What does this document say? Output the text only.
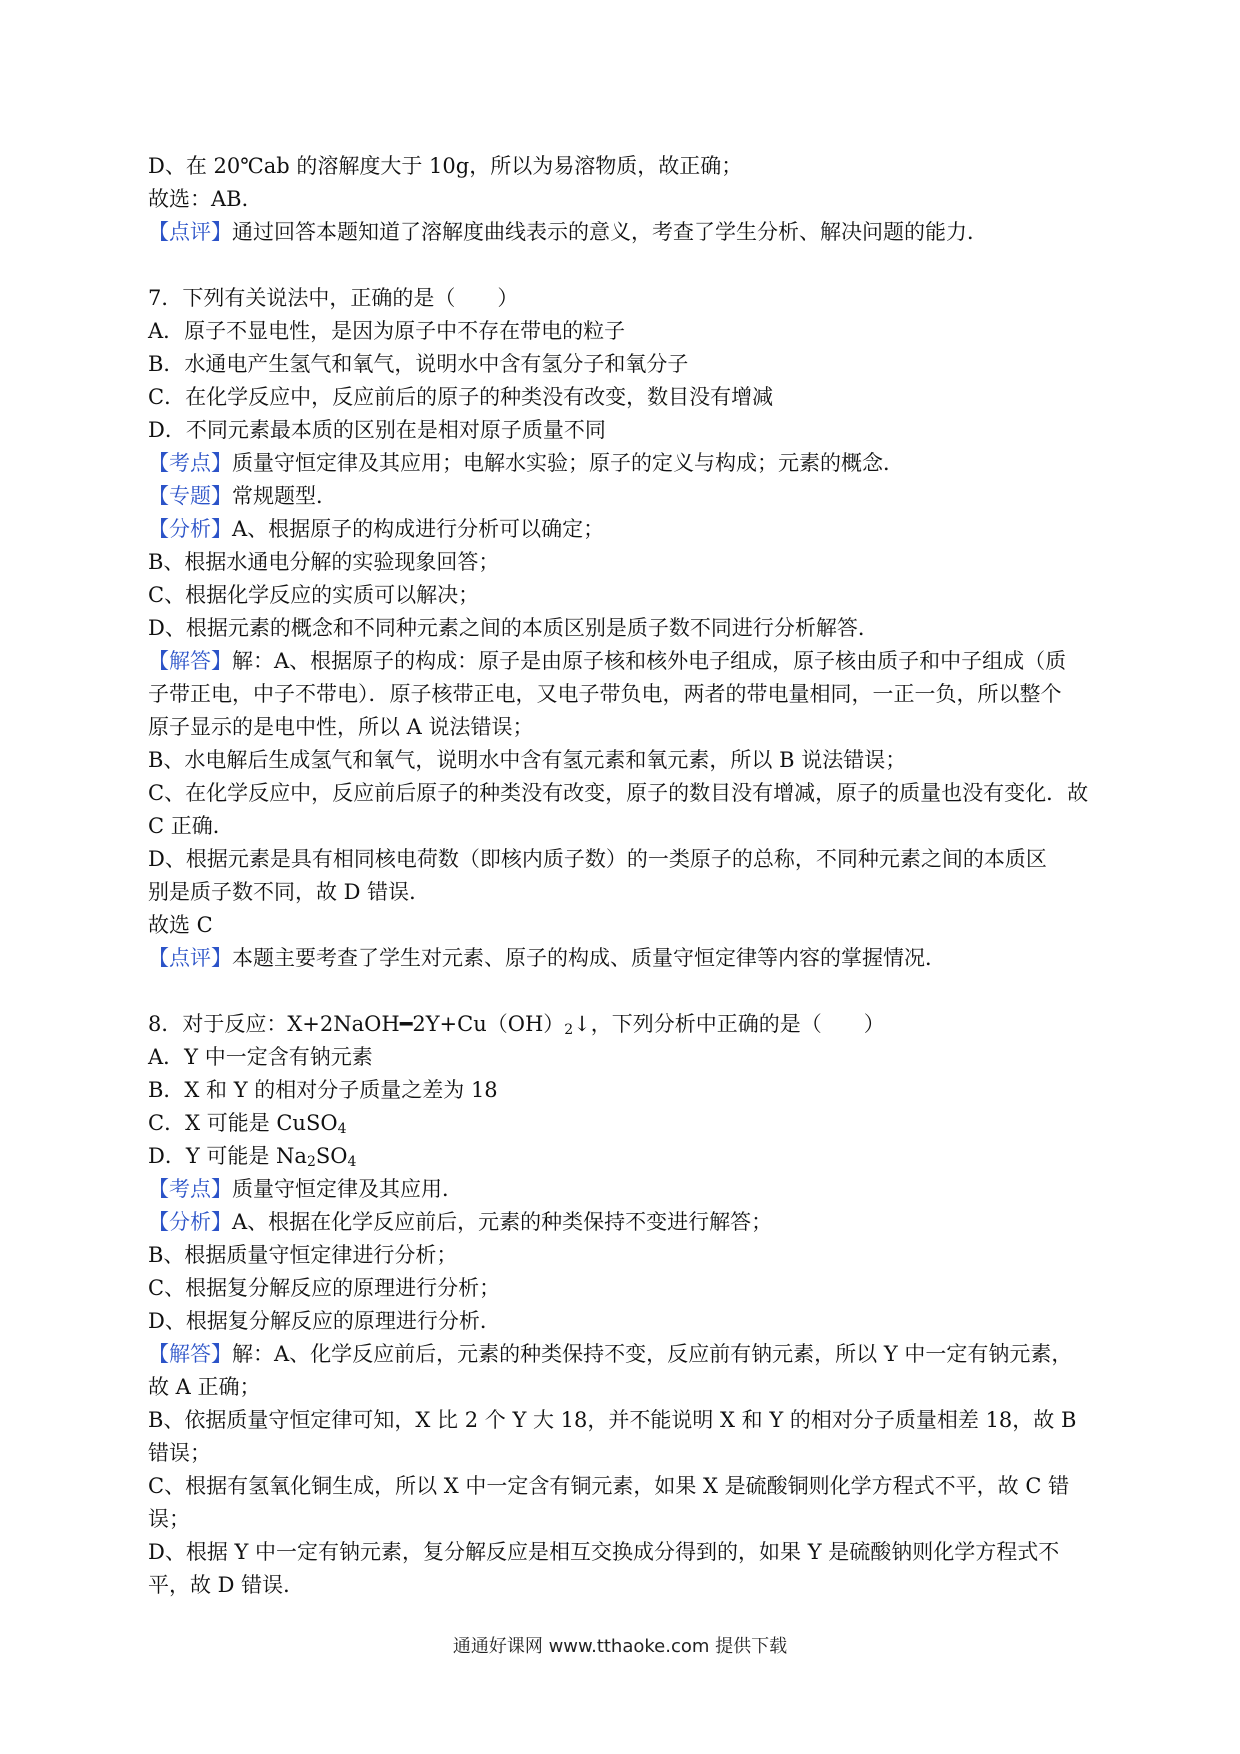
D、在 20℃ab 的溶解度大于 10g，所以为易溶物质，故正确；
故选：AB．
【点评】通过回答本题知道了溶解度曲线表示的意义，考查了学生分析、解决问题的能力．
7．下列有关说法中，正确的是（　　）
A．原子不显电性，是因为原子中不存在带电的粒子
B．水通电产生氢气和氧气，说明水中含有氢分子和氧分子
C．在化学反应中，反应前后的原子的种类没有改变，数目没有增减
D．不同元素最本质的区别在是相对原子质量不同
【考点】质量守恒定律及其应用；电解水实验；原子的定义与构成；元素的概念．
【专题】常规题型．
【分析】A、根据原子的构成进行分析可以确定；
B、根据水通电分解的实验现象回答；
C、根据化学反应的实质可以解决；
D、根据元素的概念和不同种元素之间的本质区别是质子数不同进行分析解答．
【解答】解：A、根据原子的构成：原子是由原子核和核外电子组成，原子核由质子和中子组成（质
子带正电，中子不带电）．原子核带正电，又电子带负电，两者的带电量相同，一正一负，所以整个
原子显示的是电中性，所以 A 说法错误；
B、水电解后生成氢气和氧气，说明水中含有氢元素和氧元素，所以 B 说法错误；
C、在化学反应中，反应前后原子的种类没有改变，原子的数目没有增减，原子的质量也没有变化．故
C 正确．
D、根据元素是具有相同核电荷数（即核内质子数）的一类原子的总称，不同种元素之间的本质区
别是质子数不同，故 D 错误．
故选 C
【点评】本题主要考查了学生对元素、原子的构成、质量守恒定律等内容的掌握情况．
8．对于反应：$X+2NaOH━2Y+Cu(OH)_2↓$，下列分析中正确的是（　　）
A．Y 中一定含有钠元素
B．X 和 Y 的相对分子质量之差为 18
C．X 可能是 CuSO$_4$
D．Y 可能是 $Na_2SO_4$
【考点】质量守恒定律及其应用．
【分析】A、根据在化学反应前后，元素的种类保持不变进行解答；
B、根据质量守恒定律进行分析；
C、根据复分解反应的原理进行分析；
D、根据复分解反应的原理进行分析．
【解答】解：A、化学反应前后，元素的种类保持不变，反应前有钠元素，所以 Y 中一定有钠元素，
故 A 正确；
B、依据质量守恒定律可知，X 比 2 个 Y 大 18，并不能说明 X 和 Y 的相对分子质量相差 18，故 B
错误；
C、根据有氢氧化铜生成，所以 X 中一定含有铜元素，如果 X 是硫酸铜则化学方程式不平，故 C 错
误；
D、根据 Y 中一定有钠元素，复分解反应是相互交换成分得到的，如果 Y 是硫酸钠则化学方程式不
平，故 D 错误．
通通好课网 www.tthaoke.com 提供下载
